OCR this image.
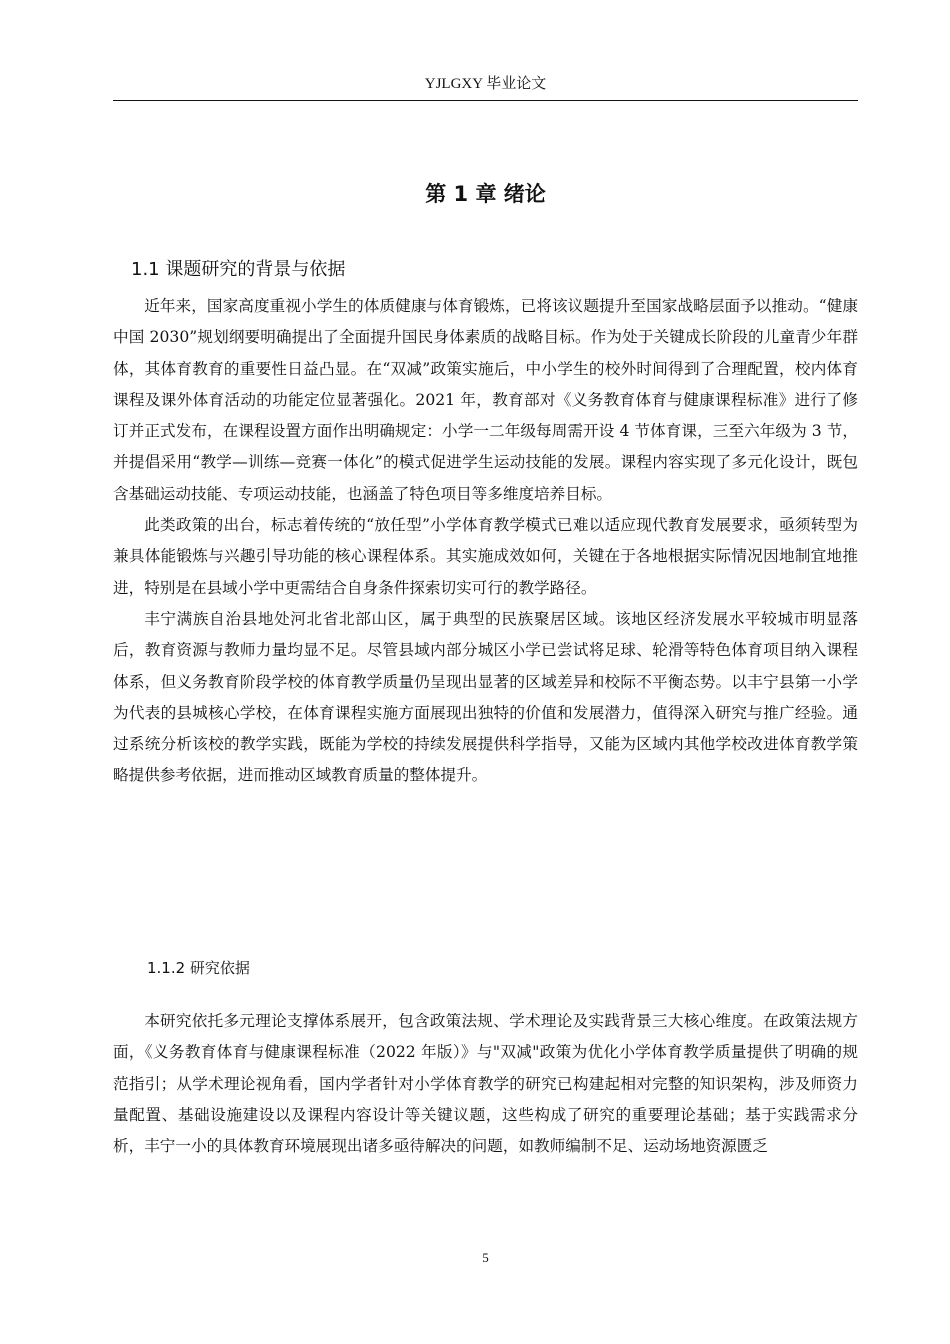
YJLGXY 毕业论文
第 1 章 绪论
1.1 课题研究的背景与依据

近年来，国家高度重视小学生的体质健康与体育锻炼，已将该议题提升至国家战略层面予以推动。“健康中国 2030”规划纲要明确提出了全面提升国民身体素质的战略目标。作为处于关键成长阶段的儿童青少年群体，其体育教育的重要性日益凸显。在“双减”政策实施后，中小学生的校外时间得到了合理配置，校内体育课程及课外体育活动的功能定位显著强化。2021 年，教育部对《义务教育体育与健康课程标准》进行了修订并正式发布，在课程设置方面作出明确规定：小学一二年级每周需开设 4 节体育课，三至六年级为 3 节，并提倡采用“教学—训练—竞赛一体化”的模式促进学生运动技能的发展。课程内容实现了多元化设计，既包含基础运动技能、专项运动技能，也涵盖了特色项目等多维度培养目标。

此类政策的出台，标志着传统的“放任型”小学体育教学模式已难以适应现代教育发展要求，亟须转型为兼具体能锻炼与兴趣引导功能的核心课程体系。其实施成效如何，关键在于各地根据实际情况因地制宜地推进，特别是在县域小学中更需结合自身条件探索切实可行的教学路径。

丰宁满族自治县地处河北省北部山区，属于典型的民族聚居区域。该地区经济发展水平较城市明显落后，教育资源与教师力量均显不足。尽管县域内部分城区小学已尝试将足球、轮滑等特色体育项目纳入课程体系，但义务教育阶段学校的体育教学质量仍呈现出显著的区域差异和校际不平衡态势。以丰宁县第一小学为代表的县城核心学校，在体育课程实施方面展现出独特的价值和发展潜力，值得深入研究与推广经验。通过系统分析该校的教学实践，既能为学校的持续发展提供科学指导，又能为区域内其他学校改进体育教学策略提供参考依据，进而推动区域教育质量的整体提升。

1.1.2 研究依据

本研究依托多元理论支撑体系展开，包含政策法规、学术理论及实践背景三大核心维度。在政策法规方面，《义务教育体育与健康课程标准（2022 年版）》与"双减"政策为优化小学体育教学质量提供了明确的规范指引；从学术理论视角看，国内学者针对小学体育教学的研究已构建起相对完整的知识架构，涉及师资力量配置、基础设施建设以及课程内容设计等关键议题，这些构成了研究的重要理论基础；基于实践需求分析，丰宁一小的具体教育环境展现出诸多亟待解决的问题，如教师编制不足、运动场地资源匮乏

5
